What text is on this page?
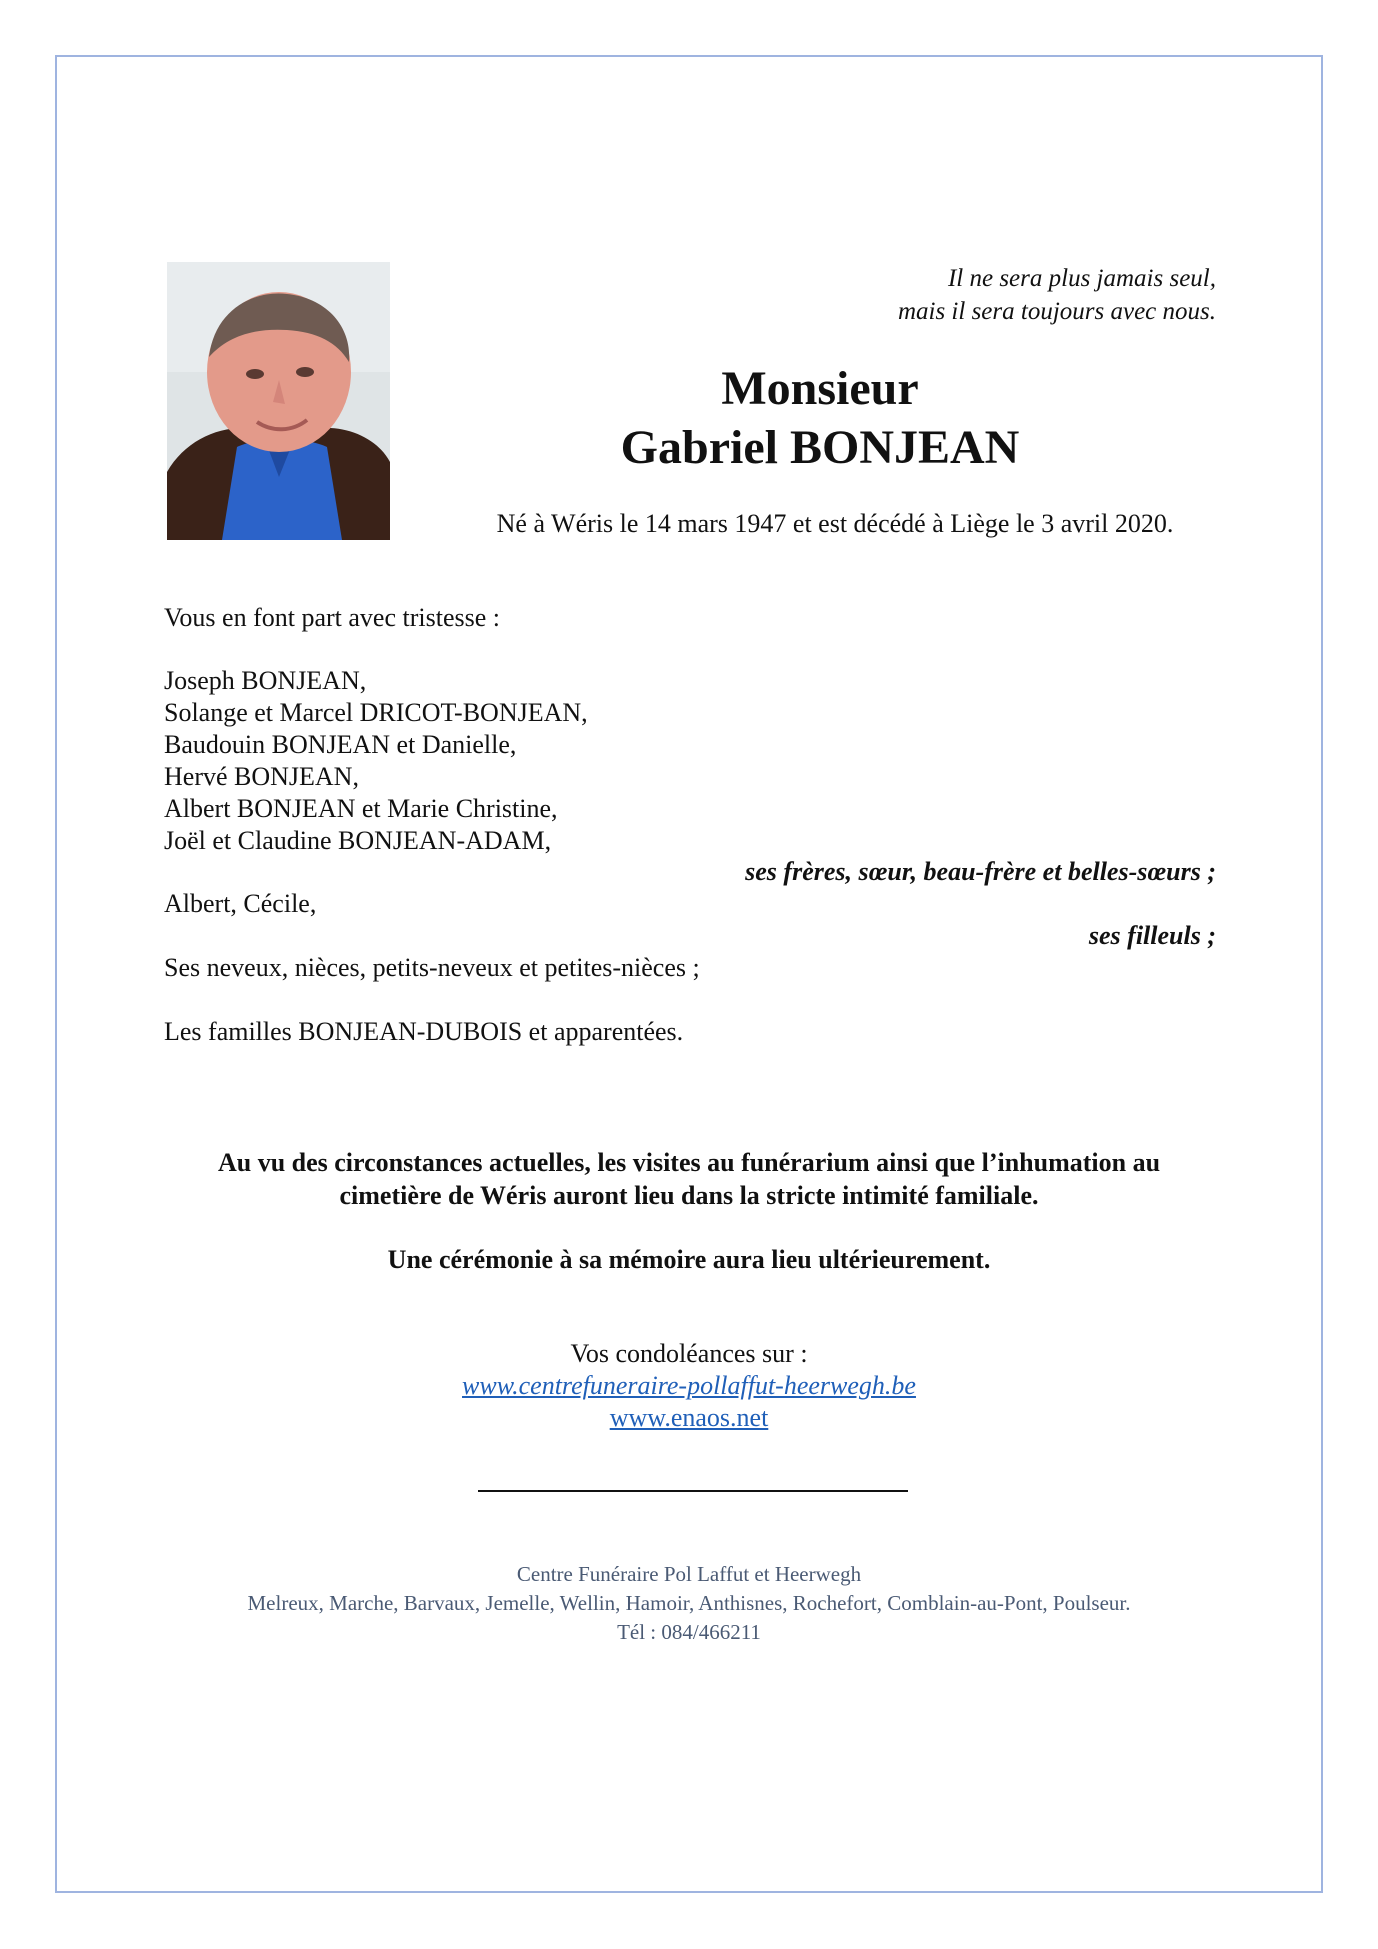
Il ne sera plus jamais seul,
mais il sera toujours avec nous.
Monsieur
Gabriel BONJEAN
Né à Wéris le 14 mars 1947 et est décédé à Liège le 3 avril 2020.
Vous en font part avec tristesse :
Joseph BONJEAN,
Solange et Marcel DRICOT-BONJEAN,
Baudouin BONJEAN et Danielle,
Hervé BONJEAN,
Albert BONJEAN et Marie Christine,
Joël et Claudine BONJEAN-ADAM,
ses frères, sœur, beau-frère et belles-sœurs ;
Albert, Cécile,
ses filleuls ;
Ses neveux, nièces, petits-neveux et petites-nièces ;
Les familles BONJEAN-DUBOIS et apparentées.
Au vu des circonstances actuelles, les visites au funérarium ainsi que l’inhumation au
cimetière de Wéris auront lieu dans la stricte intimité familiale.
Une cérémonie à sa mémoire aura lieu ultérieurement.
Vos condoléances sur :
www.centrefuneraire-pollaffut-heerwegh.be
www.enaos.net
Centre Funéraire Pol Laffut et Heerwegh
Melreux, Marche, Barvaux, Jemelle, Wellin, Hamoir, Anthisnes, Rochefort, Comblain-au-Pont, Poulseur.
Tél : 084/466211
